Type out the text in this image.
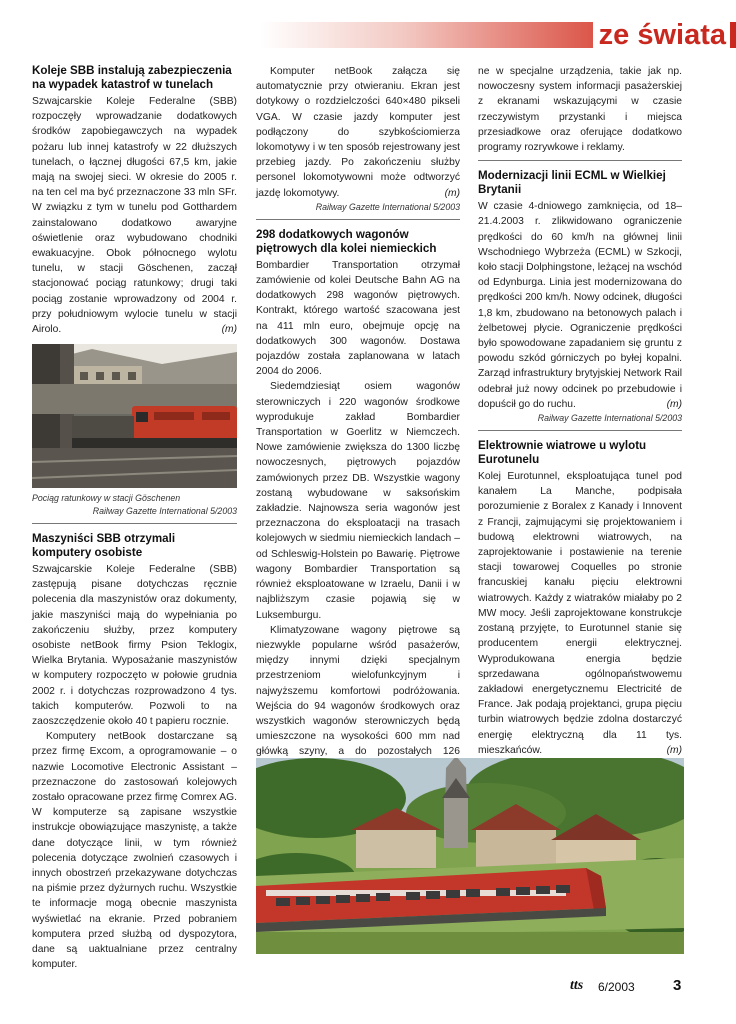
ze świata
Koleje SBB instalują zabezpieczenia na wypadek katastrof w tunelach

Szwajcarskie Koleje Federalne (SBB) rozpoczęły wprowadzanie dodatkowych środków zapobiegawczych na wypadek pożaru lub innej katastrofy w 22 dłuższych tunelach, o łącznej długości 67,5 km, jakie mają na swojej sieci. W okresie do 2005 r. na ten cel ma być przeznaczone 33 mln SFr. W związku z tym w tunelu pod Gotthardem zainstalowano dodatkowo awaryjne oświetlenie oraz wybudowano chodniki ewakuacyjne. Obok północnego wylotu tunelu, w stacji Göschenen, zaczął stacjonować pociąg ratunkowy; drugi taki pociąg zostanie wprowadzony od 2004 r. przy południowym wylocie tunelu w stacji Airolo.	(m)

Pociąg ratunkowy w stacji Göschenen
Railway Gazette International 5/2003
Maszyniści SBB otrzymali komputery osobiste

Szwajcarskie Koleje Federalne (SBB) zastępują pisane dotychczas ręcznie polecenia dla maszynistów oraz dokumenty, jakie maszyniści mają do wypełniania po zakończeniu służby, przez komputery osobiste netBook firmy Psion Teklogix, Wielka Brytania. Wyposażanie maszynistów w komputery rozpoczęto w połowie grudnia 2002 r. i dotychczas rozprowadzono 4 tys. takich komputerów. Pozwoli to na zaoszczędzenie około 40 t papieru rocznie.

Komputery netBook dostarczane są przez firmę Excom, a oprogramowanie – o nazwie Locomotive Electronic Assistant – przeznaczone do zastosowań kolejowych zostało opracowane przez firmę Comrex AG. W komputerze są zapisane wszystkie instrukcje obowiązujące maszynistę, a także dane dotyczące linii, w tym również polecenia dotyczące zwolnień czasowych i innych obostrzeń przekazywane dotychczas na piśmie przez dyżurnych ruchu. Wszystkie te informacje mogą obecnie maszynista wyświetlać na ekranie. Przed pobraniem komputera przed służbą od dyspozytora, dane są uaktualniane przez centralny komputer.

Komputer netBook załącza się automatycznie przy otwieraniu. Ekran jest dotykowy o rozdzielczości 640×480 pikseli VGA. W czasie jazdy komputer jest podłączony do szybkościomierza lokomotywy i w ten sposób rejestrowany jest przebieg jazdy. Po zakończeniu służby personel lokomotywowni może odtworzyć jazdę lokomotywy.	(m)

Railway Gazette International 5/2003
298 dodatkowych wagonów piętrowych dla kolei niemieckich

Bombardier Transportation otrzymał zamówienie od kolei Deutsche Bahn AG na dodatkowych 298 wagonów piętrowych. Kontrakt, którego wartość szacowana jest na 411 mln euro, obejmuje opcję na dodatkowych 300 wagonów. Dostawa pojazdów została zaplanowana w latach 2004 do 2006.

Siedemdziesiąt osiem wagonów sterowniczych i 220 wagonów środkowe wyprodukuje zakład Bombardier Transportation w Goerlitz w Niemczech. Nowe zamówienie zwiększa do 1300 liczbę nowoczesnych, piętrowych pojazdów zamówionych przez DB. Wszystkie wagony zostaną wybudowane w saksońskim zakładzie. Najnowsza seria wagonów jest przeznaczona do eksploatacji na trasach kolejowych w siedmiu niemieckich landach – od Schleswig-Holstein po Bawarię. Piętrowe wagony Bombardier Transportation są również eksploatowane w Izraelu, Danii i w najbliższym czasie pojawią się w Luksemburgu.

Klimatyzowane wagony piętrowe są niezwykle popularne wśród pasażerów, między innymi dzięki specjalnym przestrzeniom wielofunkcyjnym i najwyższemu komfortowi podróżowania. Wejścia do 94 wagonów środkowych oraz wszystkich wagonów sterowniczych będą umieszczone na wysokości 600 mm nad główką szyny, a do pozostałych 126

ne w specjalne urządzenia, takie jak np. nowoczesny system informacji pasażerskiej z ekranami wskazującymi w czasie rzeczywistym przystanki i miejsca przesiadkowe oraz oferujące dodatkowo programy rozrywkowe i reklamy.

Modernizacji linii ECML w Wielkiej Brytanii

W czasie 4-dniowego zamknięcia, od 18–21.4.2003 r. zlikwidowano ograniczenie prędkości do 60 km/h na głównej linii Wschodniego Wybrzeża (ECML) w Szkocji, koło stacji Dolphingstone, leżącej na wschód od Edynburga. Linia jest modernizowana do prędkości 200 km/h. Nowy odcinek, długości 1,8 km, zbudowano na betonowych palach i żelbetowej płycie. Ograniczenie prędkości było spowodowane zapadaniem się gruntu z powodu szkód górniczych po byłej kopalni. Zarząd infrastruktury brytyjskiej Network Rail odebrał już nowy odcinek po przebudowie i dopuścił go do ruchu.	(m)

Railway Gazette International 5/2003
Elektrownie wiatrowe u wylotu Eurotunelu

Kolej Eurotunnel, eksploatująca tunel pod kanałem La Manche, podpisała porozumienie z Boralex z Kanady i Innovent z Francji, zajmującymi się projektowaniem i budową elektrowni wiatrowych, na zaprojektowanie i postawienie na terenie stacji towarowej Coquelles po stronie francuskiej kanału pięciu elektrowni wiatrowych. Każdy z wiatraków miałaby po 2 MW mocy. Jeśli zaprojektowane konstrukcje zostaną przyjęte, to Eurotunnel stanie się producentem energii elektrycznej. Wyprodukowana energia będzie sprzedawana ogólnopaństwowemu zakładowi energetycznemu Electricité de France. Jak podają projektanci, grupa pięciu turbin wiatrowych będzie zdolna dostarczyć energię elektryczną dla 11 tys. mieszkańców.	(m)

tts 6/2003	3
